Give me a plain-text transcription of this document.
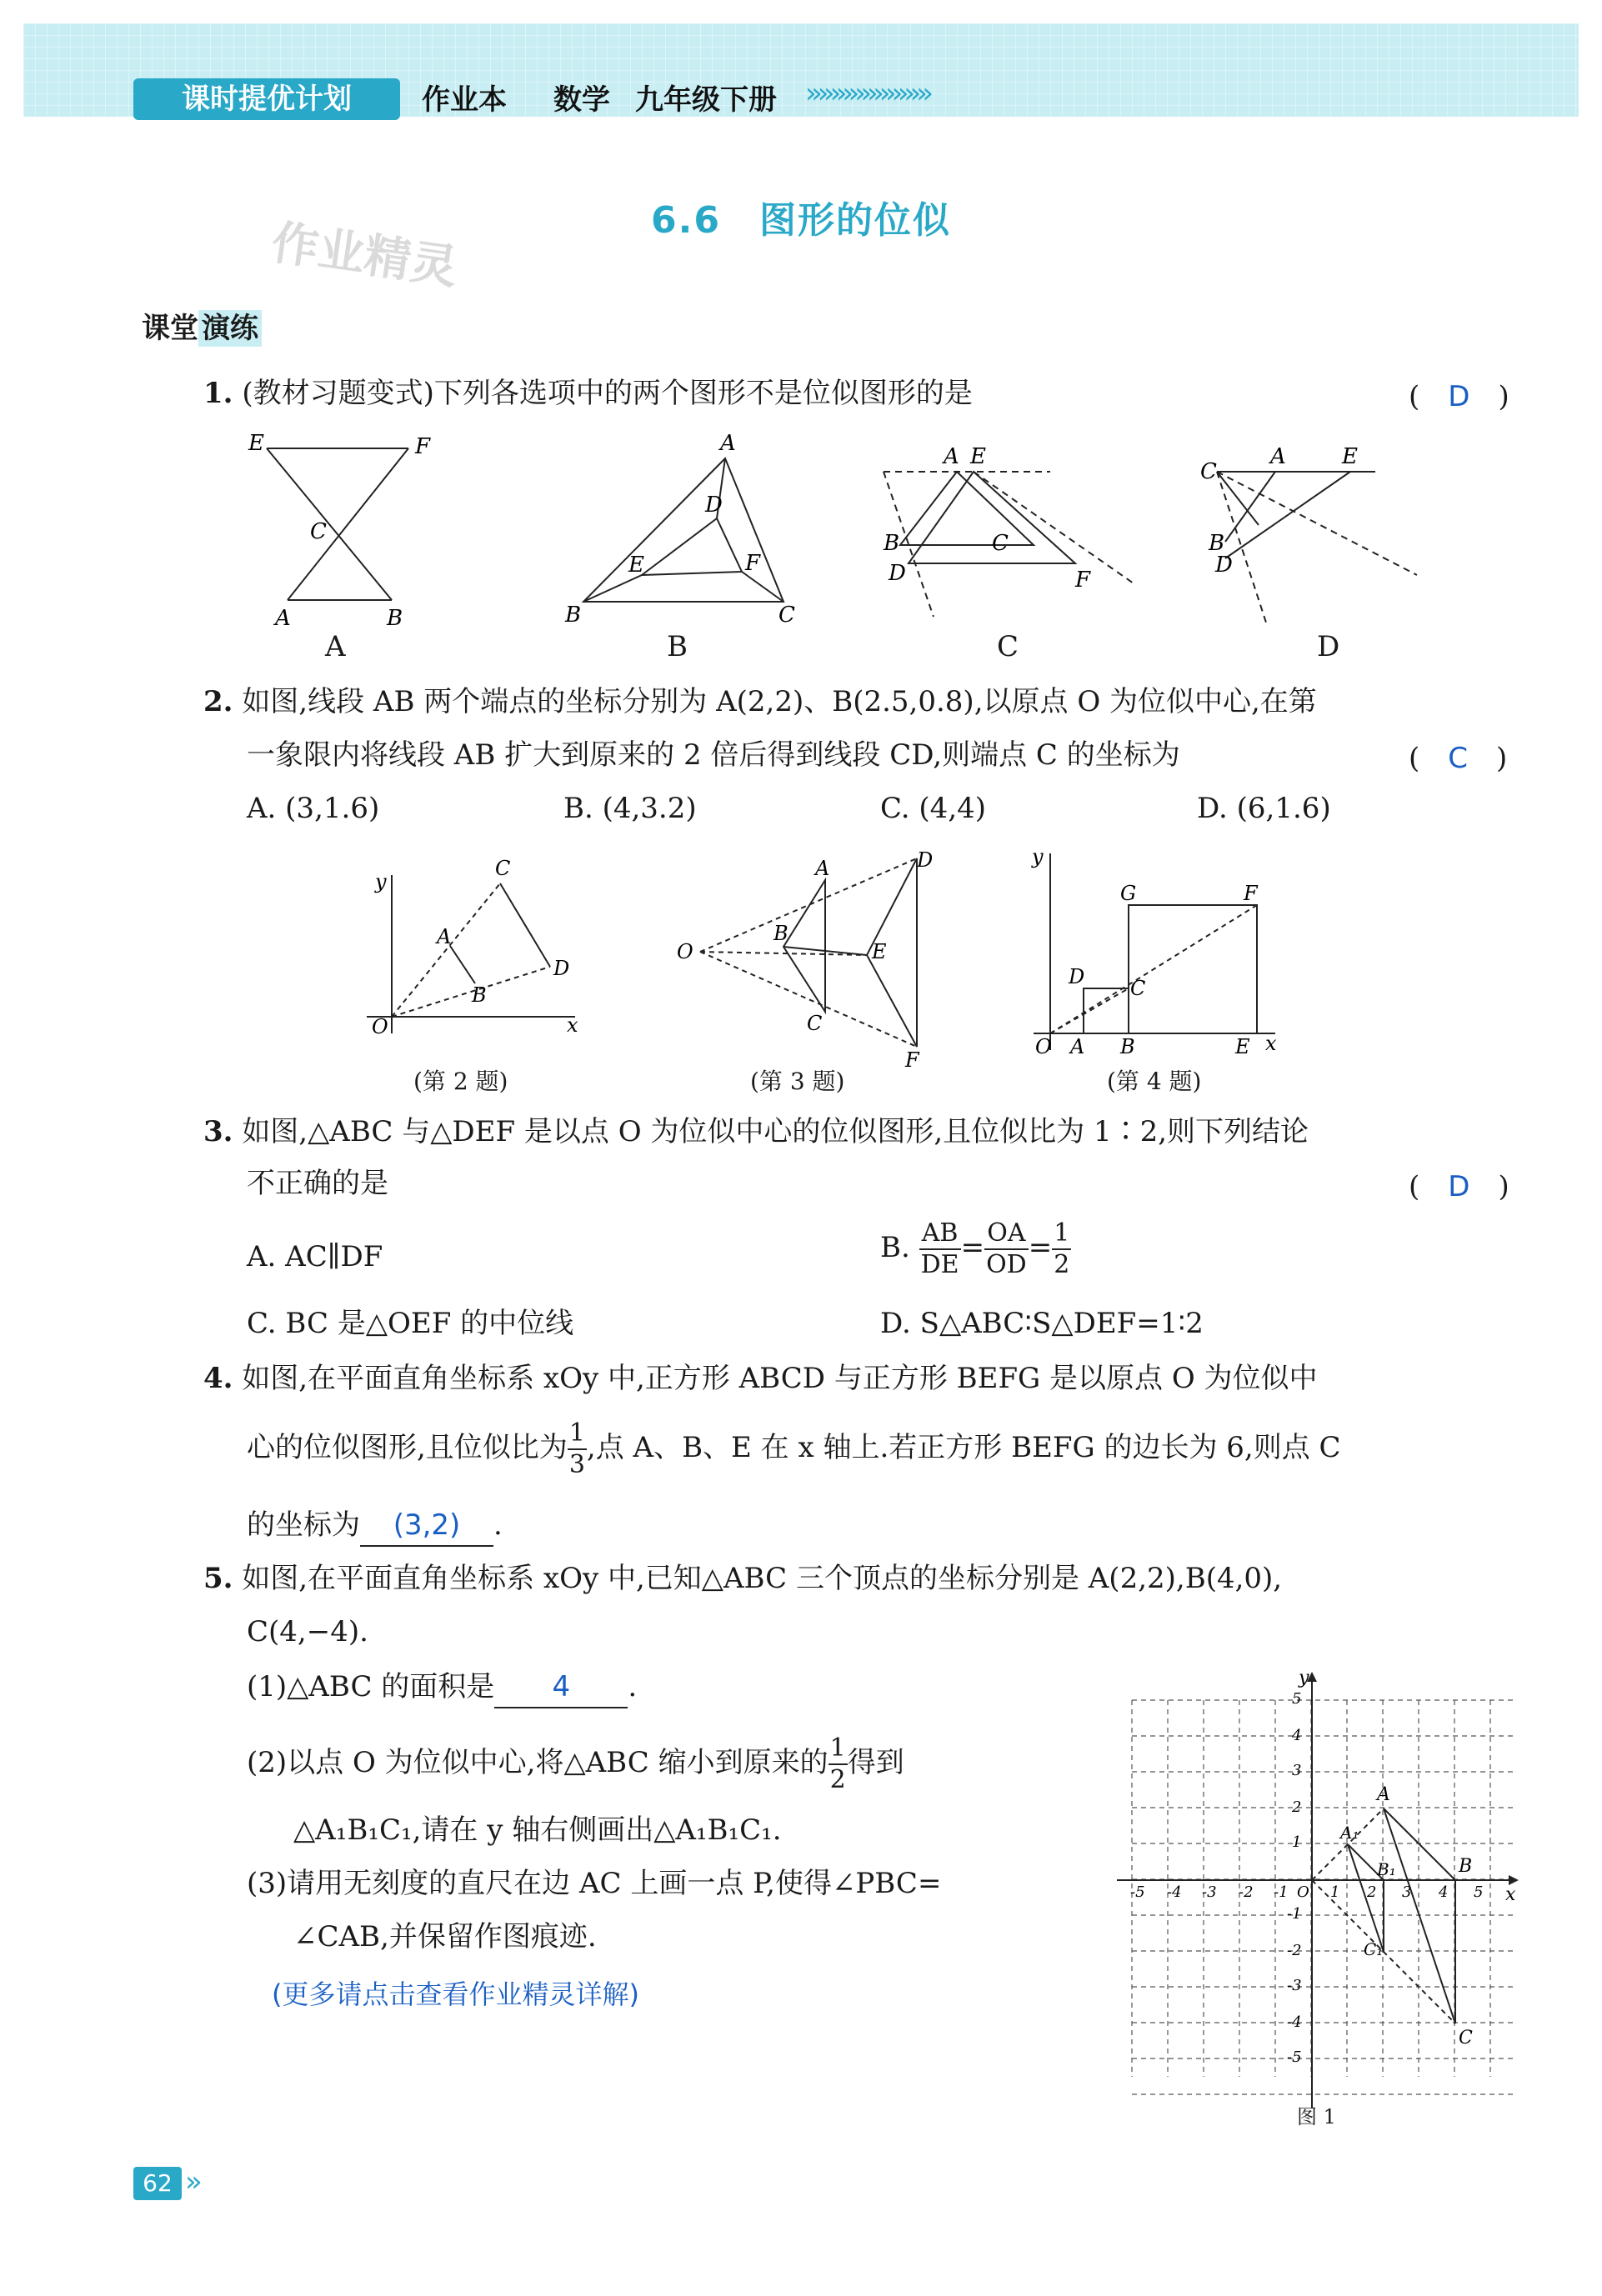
课时提优计划	作业本 数学 九年级下册 »»»»»»»»»»
6.6　图形的位似
作业精灵
课堂 演练
1. (教材习题变式)下列各选项中的两个图形不是位似图形的是	(　D　)
E	F
C
A	B
A
D
E	F
B	C
A E
B	C
D	F
C
A	E
B
D
A	B	C	D
2. 如图,线段 AB 两个端点的坐标分别为 A(2,2)、B(2.5,0.8),以原点 O 为位似中心,在第
一象限内将线段 AB 扩大到原来的 2 倍后得到线段 CD,则端点 C 的坐标为	(　C　)
A. (3,1.6)	B. (4,3.2)	C. (4,4)	D. (6,1.6)
y
x
O
A
B
C
D
O
A
B
C
D
E
F
y
x
O A B
C
D
E
F
G
(第 2 题)	(第 3 题)	(第 4 题)
3. 如图,△ABC 与△DEF 是以点 O 为位似中心的位似图形,且位似比为 1∶2,则下列结论
不正确的是	(　D　)
A. AC∥DF	B. $\frac{AB}{DE} = \frac{OA}{OD} = \frac{1}{2}$
C. BC 是△OEF 的中位线	D. S△ABC∶S△DEF=1∶2
4. 如图,在平面直角坐标系 xOy 中,正方形 ABCD 与正方形 BEFG 是以原点 O 为位似中
心的位似图形,且位似比为 $\frac{1}{3}$ ,点 A、B、E 在 x 轴上.若正方形 BEFG 的边长为 6,则点 C
的坐标为 (3,2) .
5. 如图,在平面直角坐标系 xOy 中,已知△ABC 三个顶点的坐标分别是 A(2,2),B(4,0),
C(4,−4).
(1)△ABC 的面积是 4 .
(2)以点 O 为位似中心,将△ABC 缩小到原来的 $\frac{1}{2}$ 得到
△A₁B₁C₁,请在 y 轴右侧画出△A₁B₁C₁.
(3)请用无刻度的直尺在边 AC 上画一点 P,使得∠PBC=
∠CAB,并保留作图痕迹.
(更多请点击查看作业精灵详解)
x
y
A
B
C
A₁
B₁
C₁
-5 -4 -3 -2 -1 O 1 2 3 4 5
5
4
3
2
1
-1
-2
-3
-4
-5
图 1
62 »
